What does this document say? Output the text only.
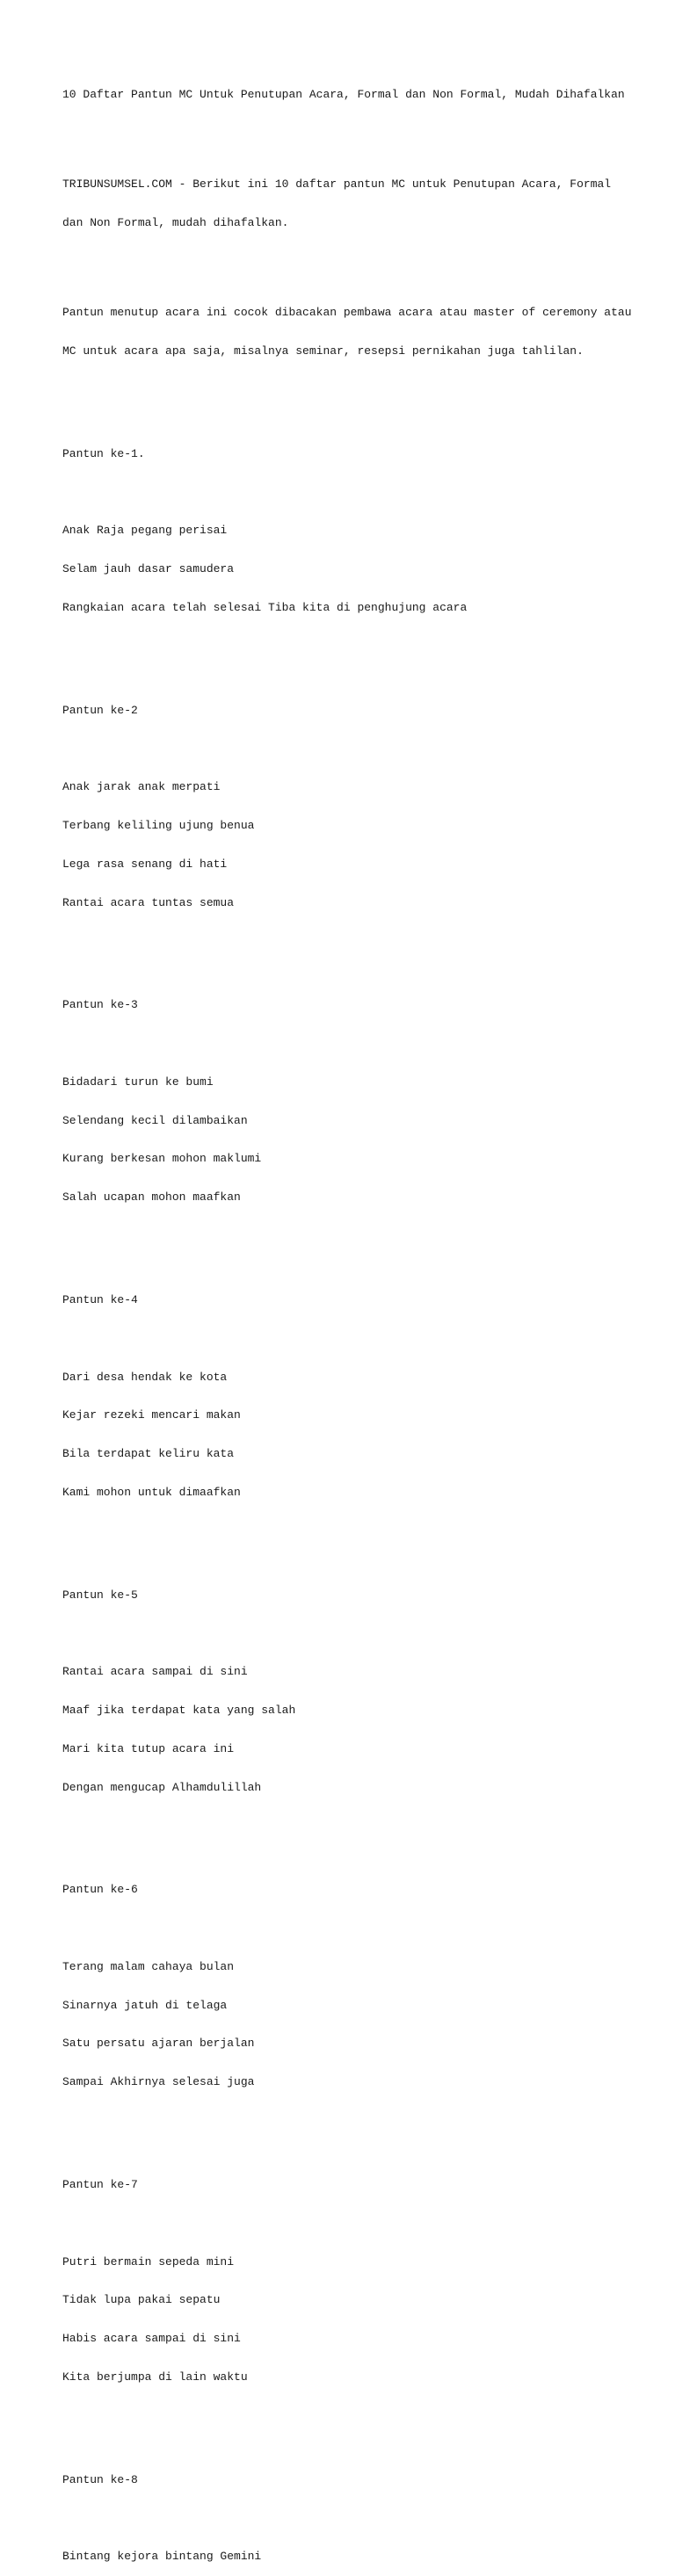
10 Daftar Pantun MC Untuk Penutupan Acara, Formal dan Non Formal, Mudah Dihafalkan

TRIBUNSUMSEL.COM - Berikut ini 10 daftar pantun MC untuk Penutupan Acara, Formal

dan Non Formal, mudah dihafalkan.

Pantun menutup acara ini cocok dibacakan pembawa acara atau master of ceremony atau

MC untuk acara apa saja, misalnya seminar, resepsi pernikahan juga tahlilan.

Pantun ke-1.

Anak Raja pegang perisai

Selam jauh dasar samudera

Rangkaian acara telah selesai Tiba kita di penghujung acara

Pantun ke-2

Anak jarak anak merpati

Terbang keliling ujung benua

Lega rasa senang di hati

Rantai acara tuntas semua

Pantun ke-3

Bidadari turun ke bumi

Selendang kecil dilambaikan

Kurang berkesan mohon maklumi

Salah ucapan mohon maafkan

Pantun ke-4

Dari desa hendak ke kota

Kejar rezeki mencari makan

Bila terdapat keliru kata

Kami mohon untuk dimaafkan

Pantun ke-5

Rantai acara sampai di sini

Maaf jika terdapat kata yang salah

Mari kita tutup acara ini

Dengan mengucap Alhamdulillah

Pantun ke-6

Terang malam cahaya bulan

Sinarnya jatuh di telaga

Satu persatu ajaran berjalan

Sampai Akhirnya selesai juga

Pantun ke-7

Putri bermain sepeda mini

Tidak lupa pakai sepatu

Habis acara sampai di sini

Kita berjumpa di lain waktu

Pantun ke-8

Bintang kejora bintang Gemini
